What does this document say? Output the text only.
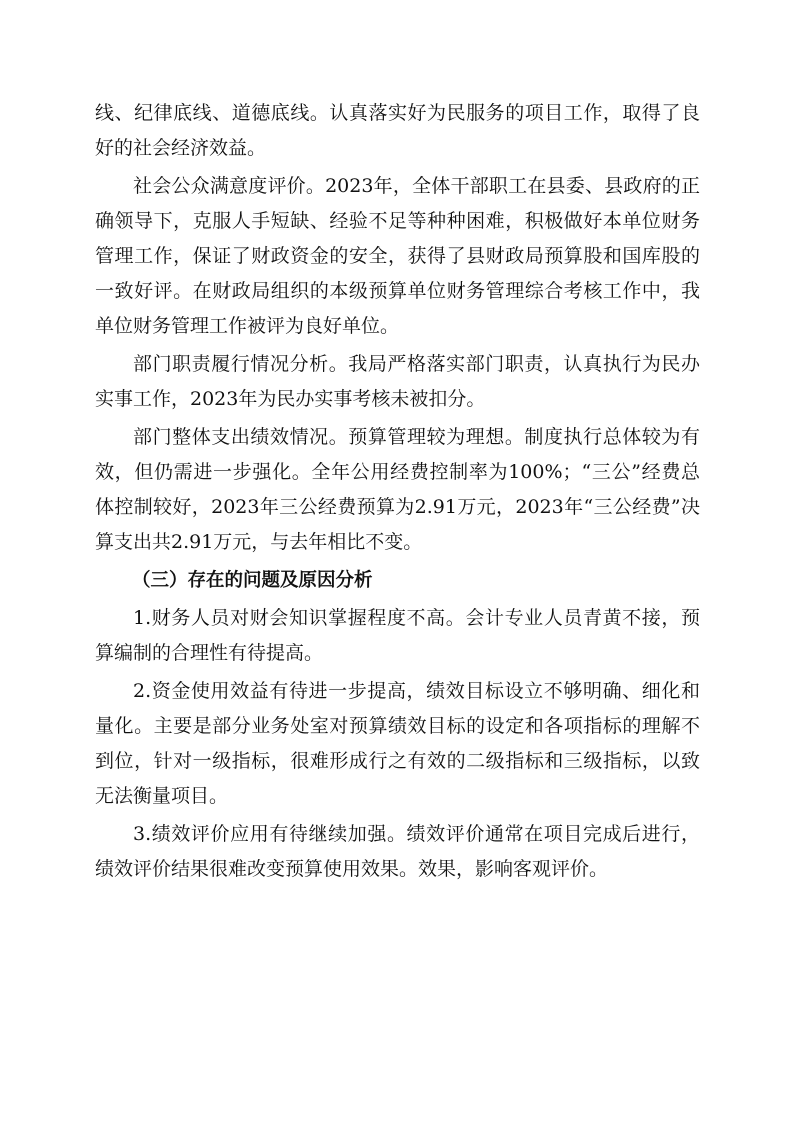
线、纪律底线、道德底线。认真落实好为民服务的项目工作，取得了良好的社会经济效益。

社会公众满意度评价。2023年，全体干部职工在县委、县政府的正确领导下，克服人手短缺、经验不足等种种困难，积极做好本单位财务管理工作，保证了财政资金的安全，获得了县财政局预算股和国库股的一致好评。在财政局组织的本级预算单位财务管理综合考核工作中，我单位财务管理工作被评为良好单位。

部门职责履行情况分析。我局严格落实部门职责，认真执行为民办实事工作，2023年为民办实事考核未被扣分。

部门整体支出绩效情况。预算管理较为理想。制度执行总体较为有效，但仍需进一步强化。全年公用经费控制率为100%；“三公”经费总体控制较好，2023年三公经费预算为2.91万元，2023年“三公经费”决算支出共2.91万元，与去年相比不变。

（三）存在的问题及原因分析

1.财务人员对财会知识掌握程度不高。会计专业人员青黄不接，预算编制的合理性有待提高。

2.资金使用效益有待进一步提高，绩效目标设立不够明确、细化和量化。主要是部分业务处室对预算绩效目标的设定和各项指标的理解不到位，针对一级指标，很难形成行之有效的二级指标和三级指标，以致无法衡量项目。

3.绩效评价应用有待继续加强。绩效评价通常在项目完成后进行，绩效评价结果很难改变预算使用效果。效果，影响客观评价。
